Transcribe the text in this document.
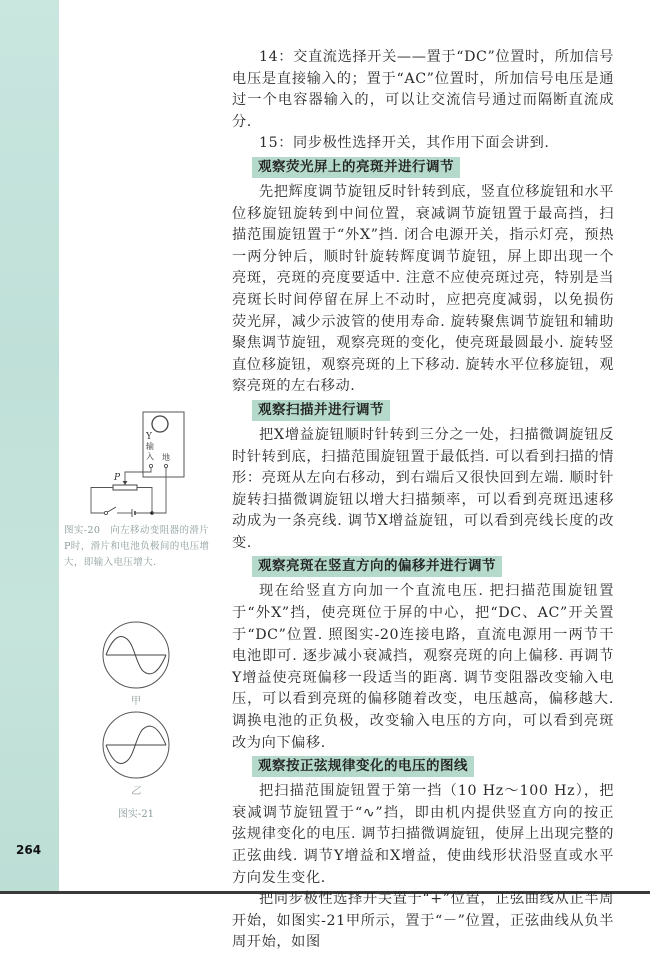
264

14：交直流选择开关——置于“DC”位置时，所加信号电压是直接输入的；置于“AC”位置时，所加信号电压是通过一个电容器输入的，可以让交流信号通过而隔断直流成分.

15：同步极性选择开关，其作用下面会讲到.

观察荧光屏上的亮斑并进行调节

先把辉度调节旋钮反时针转到底，竖直位移旋钮和水平位移旋钮旋转到中间位置，衰减调节旋钮置于最高挡，扫描范围旋钮置于“外X”挡. 闭合电源开关，指示灯亮，预热一两分钟后，顺时针旋转辉度调节旋钮，屏上即出现一个亮斑，亮斑的亮度要适中. 注意不应使亮斑过亮，特别是当亮斑长时间停留在屏上不动时，应把亮度减弱，以免损伤荧光屏，减少示波管的使用寿命. 旋转聚焦调节旋钮和辅助聚焦调节旋钮，观察亮斑的变化，使亮斑最圆最小. 旋转竖直位移旋钮，观察亮斑的上下移动. 旋转水平位移旋钮，观察亮斑的左右移动.

观察扫描并进行调节

把X增益旋钮顺时针转到三分之一处，扫描微调旋钮反时针转到底，扫描范围旋钮置于最低挡. 可以看到扫描的情形：亮斑从左向右移动，到右端后又很快回到左端. 顺时针旋转扫描微调旋钮以增大扫描频率，可以看到亮斑迅速移动成为一条亮线. 调节X增益旋钮，可以看到亮线长度的改变.

观察亮斑在竖直方向的偏移并进行调节

现在给竖直方向加一个直流电压. 把扫描范围旋钮置于“外X”挡，使亮斑位于屏的中心，把“DC、AC”开关置于“DC”位置. 照图实-20连接电路，直流电源用一两节干电池即可. 逐步减小衰减挡，观察亮斑的向上偏移. 再调节Y增益使亮斑偏移一段适当的距离. 调节变阻器改变输入电压，可以看到亮斑的偏移随着改变，电压越高，偏移越大. 调换电池的正负极，改变输入电压的方向，可以看到亮斑改为向下偏移.

观察按正弦规律变化的电压的图线

把扫描范围旋钮置于第一挡（10 Hz～100 Hz），把衰减调节旋钮置于“∿”挡，即由机内提供竖直方向的按正弦规律变化的电压. 调节扫描微调旋钮，使屏上出现完整的正弦曲线. 调节Y增益和X增益，使曲线形状沿竖直或水平方向发生变化.

把同步极性选择开关置于“+”位置，正弦曲线从正半周开始，如图实-21甲所示，置于“－”位置，正弦曲线从负半周开始，如图

Y
输入 地
P
图实-20　向左移动变阻器的滑片P时，滑片和电池负极间的电压增大，即输入电压增大.
甲
乙
图实-21
